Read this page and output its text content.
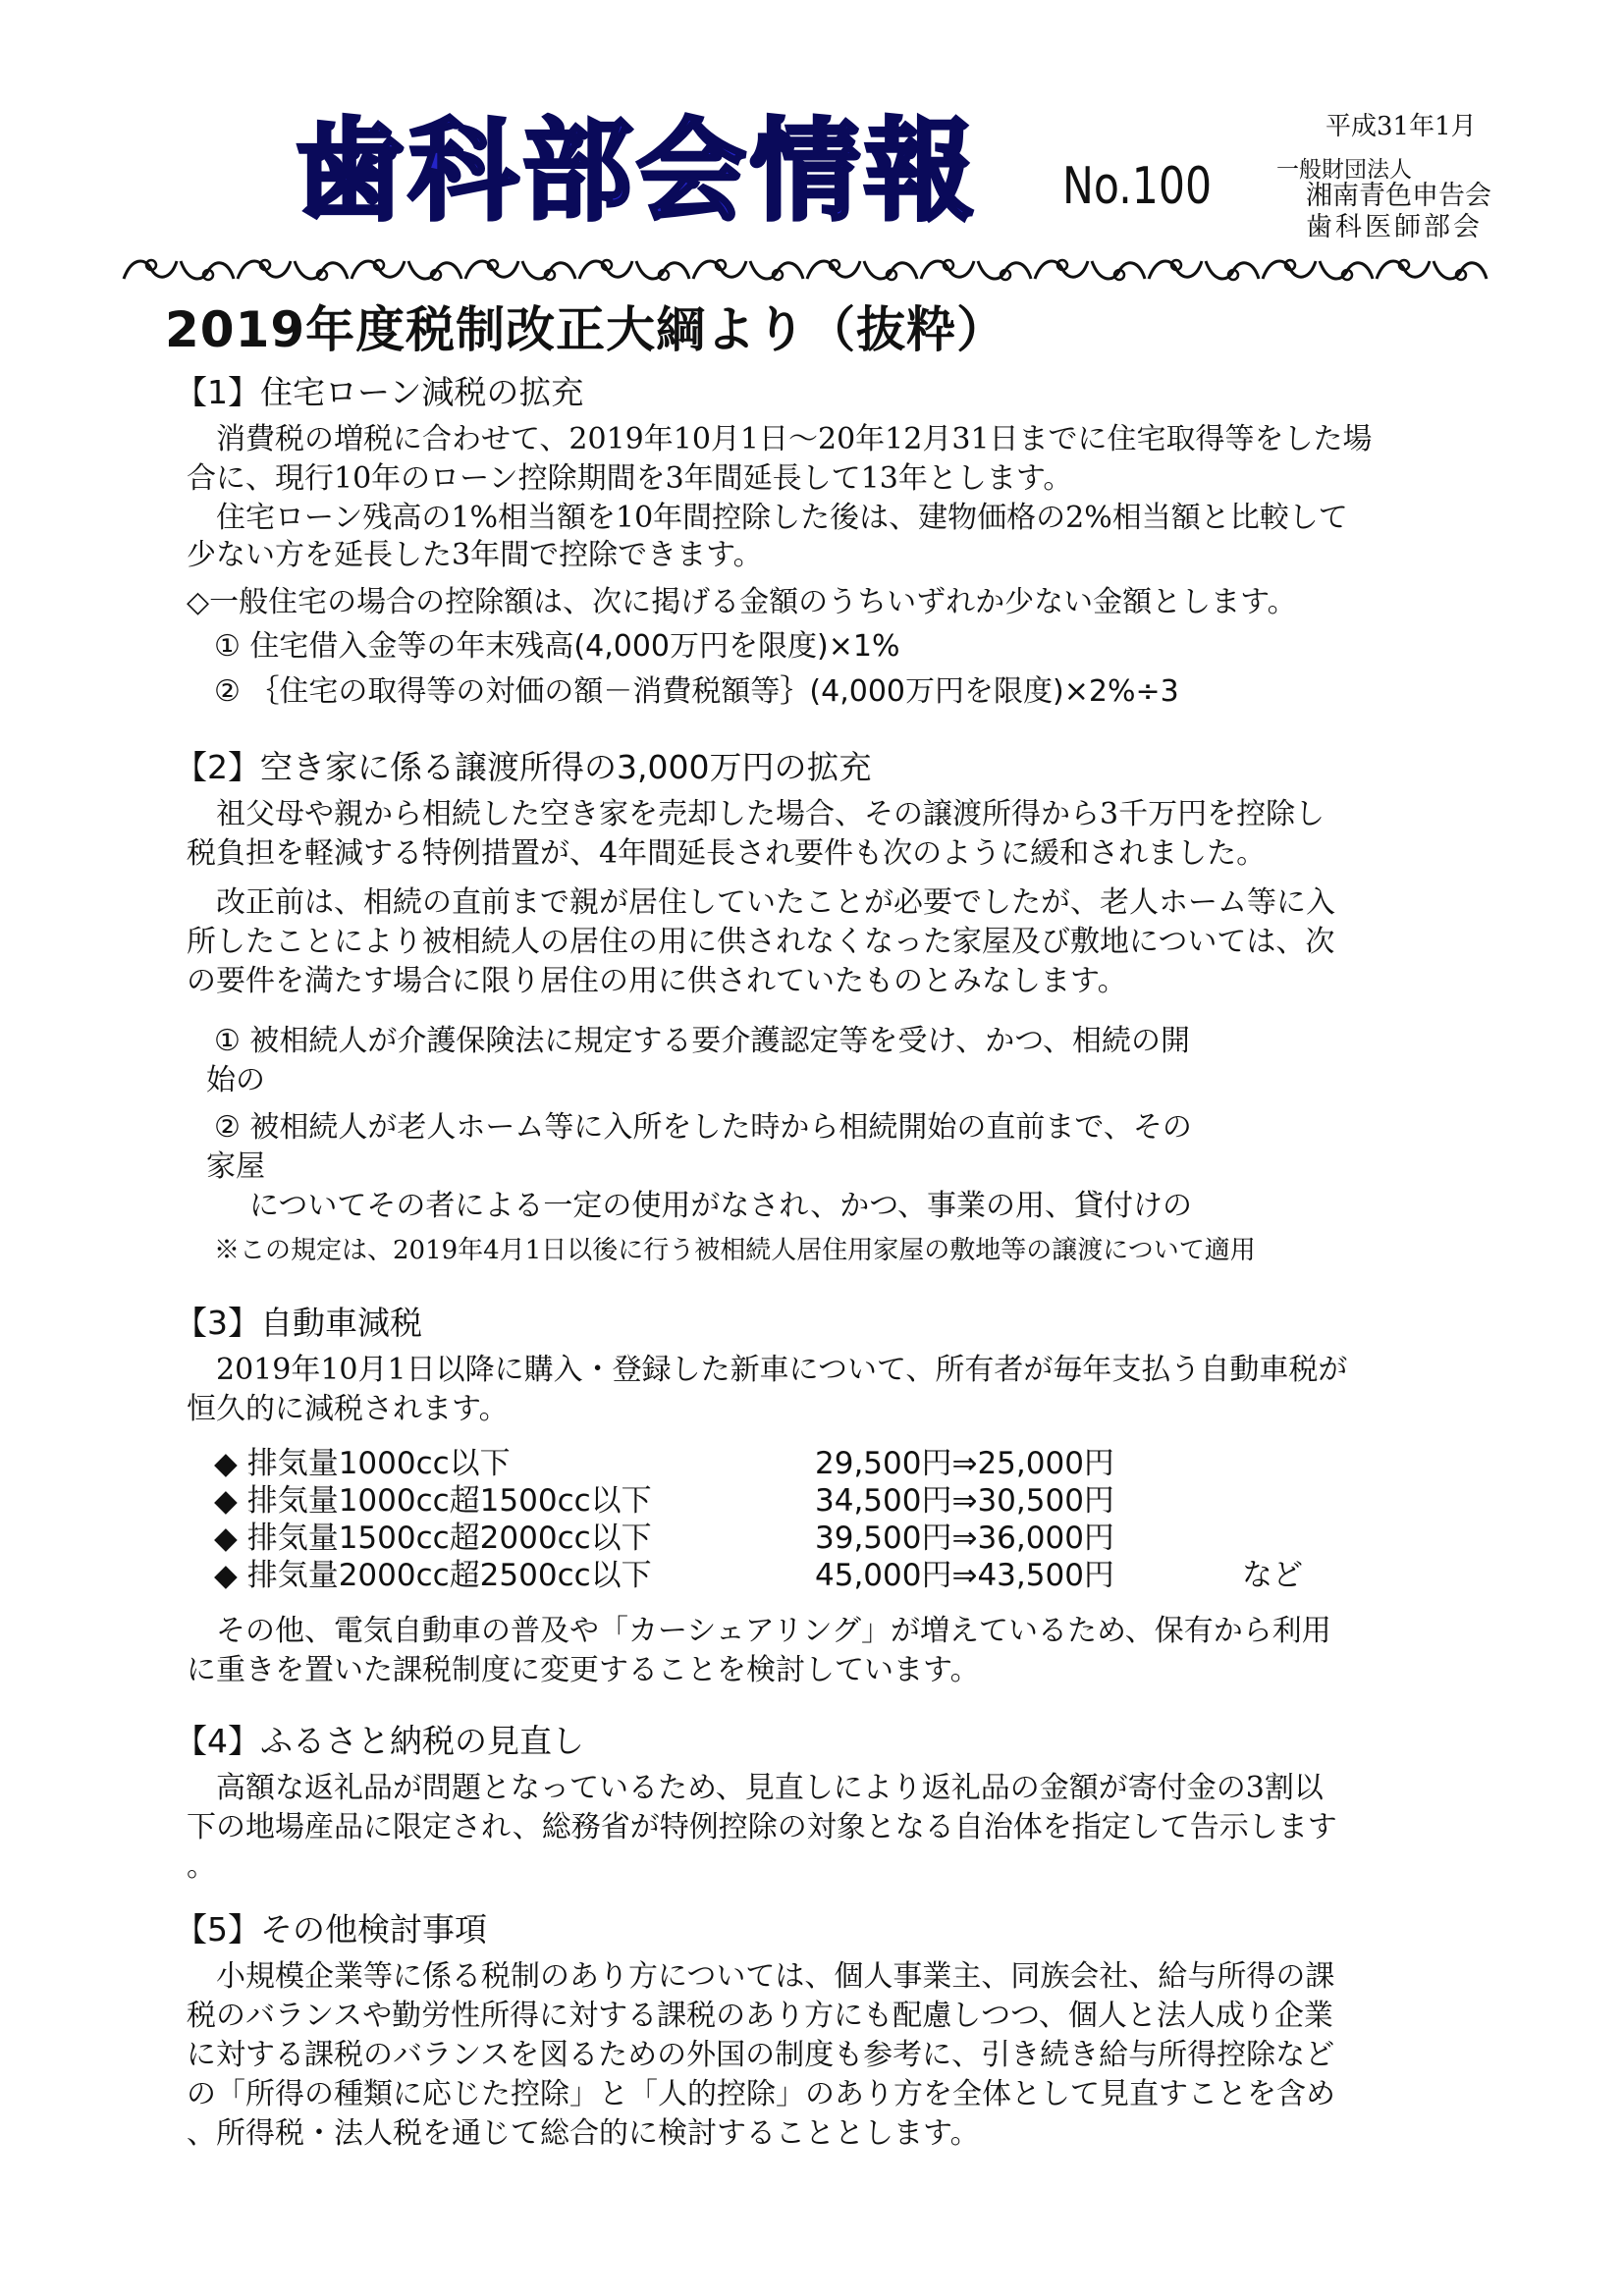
歯科部会情報	No.100
平成31年1月
一般財団法人
湘南青色申告会
歯科医師部会
2019年度税制改正大綱より（抜粋）
【1】住宅ローン減税の拡充
　消費税の増税に合わせて、2019年10月1日～20年12月31日までに住宅取得等をした場
合に、現行10年のローン控除期間を3年間延長して13年とします。
　住宅ローン残高の1%相当額を10年間控除した後は、建物価格の2%相当額と比較して
少ない方を延長した3年間で控除できます。
◇一般住宅の場合の控除額は、次に掲げる金額のうちいずれか少ない金額とします。
① 住宅借入金等の年末残高(4,000万円を限度)×1%
② ｛住宅の取得等の対価の額－消費税額等｝(4,000万円を限度)×2%÷3
【2】空き家に係る譲渡所得の3,000万円の拡充
　祖父母や親から相続した空き家を売却した場合、その譲渡所得から3千万円を控除し
税負担を軽減する特例措置が、4年間延長され要件も次のように緩和されました。
　改正前は、相続の直前まで親が居住していたことが必要でしたが、老人ホーム等に入
所したことにより被相続人の居住の用に供されなくなった家屋及び敷地については、次
の要件を満たす場合に限り居住の用に供されていたものとみなします。
① 被相続人が介護保険法に規定する要介護認定等を受け、かつ、相続の開
始の
② 被相続人が老人ホーム等に入所をした時から相続開始の直前まで、その
家屋
についてその者による一定の使用がなされ、かつ、事業の用、貸付けの
※この規定は、2019年4月1日以後に行う被相続人居住用家屋の敷地等の譲渡について適用
【3】自動車減税
　2019年10月1日以降に購入・登録した新車について、所有者が毎年支払う自動車税が
恒久的に減税されます。
◆ 排気量1000cc以下	29,500円⇒25,000円
◆ 排気量1000cc超1500cc以下	34,500円⇒30,500円
◆ 排気量1500cc超2000cc以下	39,500円⇒36,000円
◆ 排気量2000cc超2500cc以下	45,000円⇒43,500円	など
　その他、電気自動車の普及や「カーシェアリング」が増えているため、保有から利用
に重きを置いた課税制度に変更することを検討しています。
【4】ふるさと納税の見直し
　高額な返礼品が問題となっているため、見直しにより返礼品の金額が寄付金の3割以
下の地場産品に限定され、総務省が特例控除の対象となる自治体を指定して告示します
。
【5】その他検討事項
　小規模企業等に係る税制のあり方については、個人事業主、同族会社、給与所得の課
税のバランスや勤労性所得に対する課税のあり方にも配慮しつつ、個人と法人成り企業
に対する課税のバランスを図るための外国の制度も参考に、引き続き給与所得控除など
の「所得の種類に応じた控除」と「人的控除」のあり方を全体として見直すことを含め
、所得税・法人税を通じて総合的に検討することとします。
